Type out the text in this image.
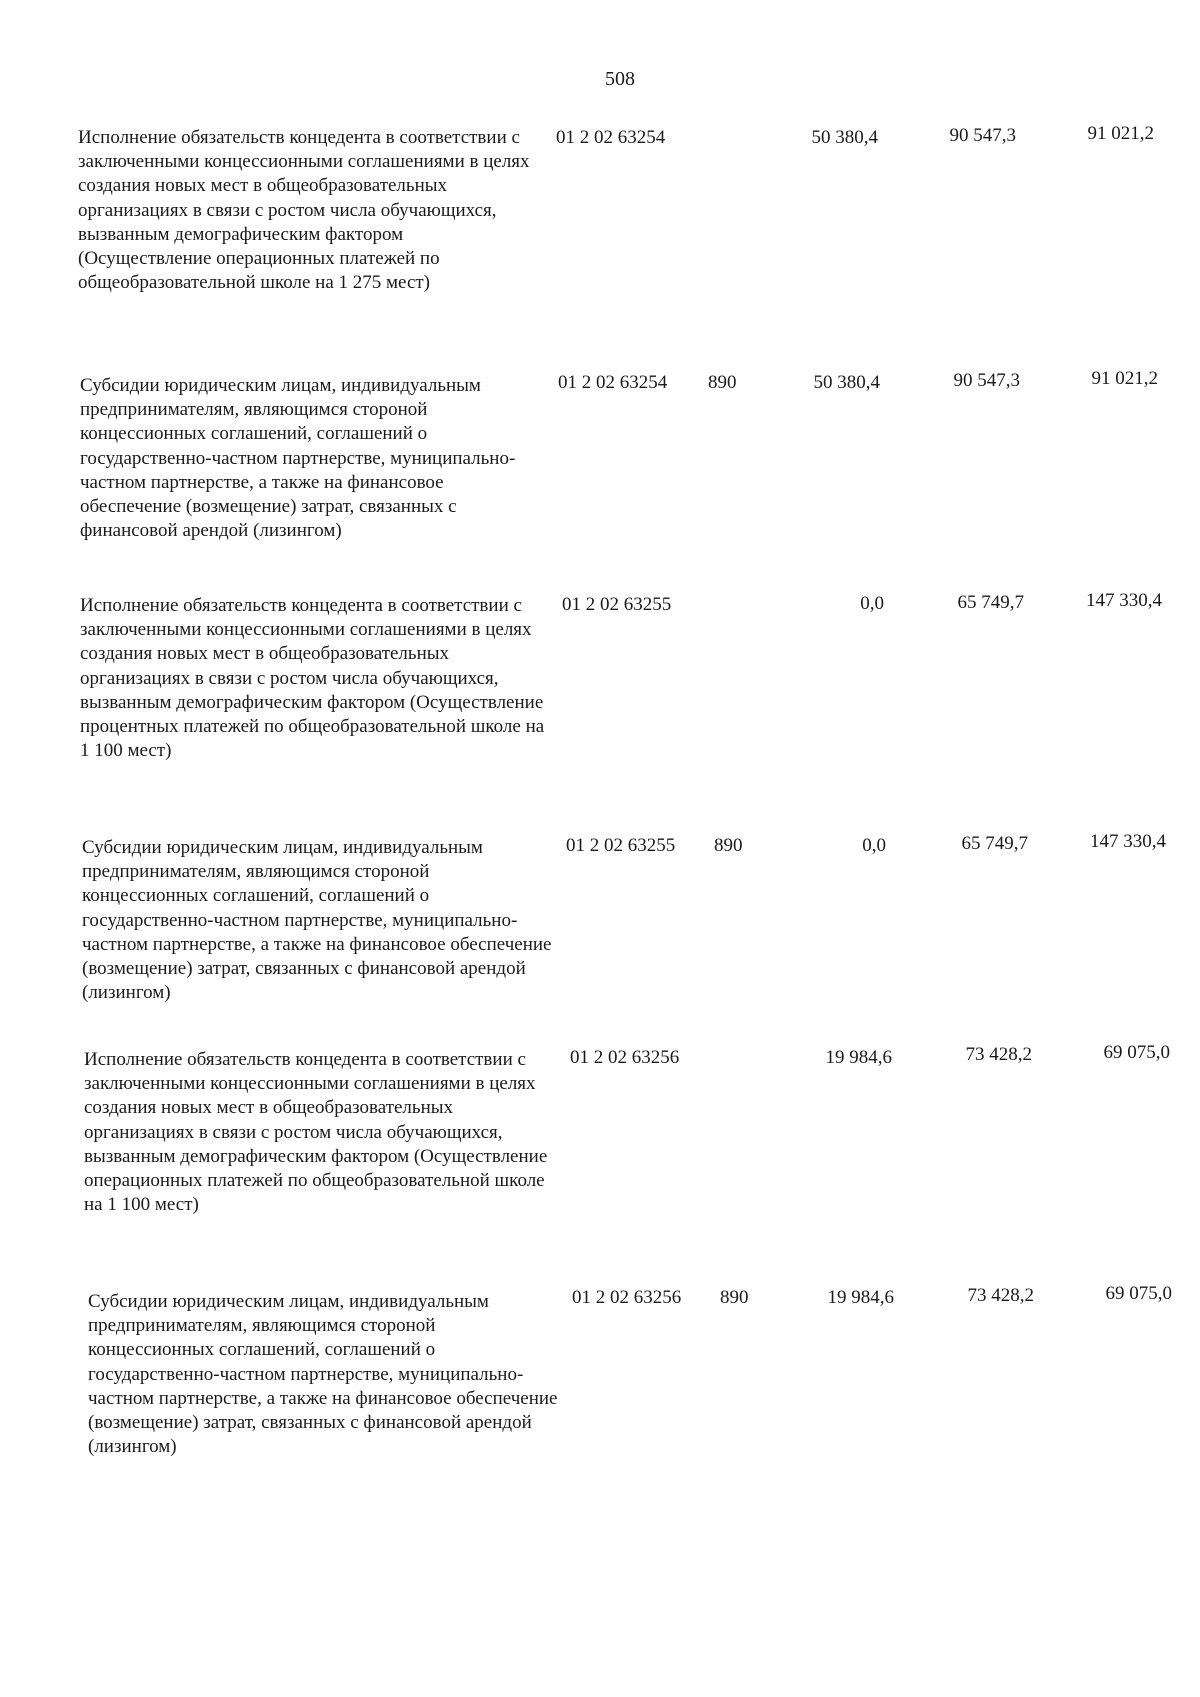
508
Исполнение обязательств концедента в соответствии с заключенными концессионными соглашениями в целях создания новых мест в общеобразовательных организациях в связи с ростом числа обучающихся, вызванным демографическим фактором (Осуществление операционных платежей по общеобразовательной школе на 1 275 мест)
01 2 02 63254	50 380,4	90 547,3	91 021,2
Субсидии юридическим лицам, индивидуальным предпринимателям, являющимся стороной концессионных соглашений, соглашений о государственно-частном партнерстве, муниципально-частном партнерстве, а также на финансовое обеспечение (возмещение) затрат, связанных с финансовой арендой (лизингом)
01 2 02 63254 890	50 380,4	90 547,3	91 021,2
Исполнение обязательств концедента в соответствии с заключенными концессионными соглашениями в целях создания новых мест в общеобразовательных организациях в связи с ростом числа обучающихся, вызванным демографическим фактором (Осуществление процентных платежей по общеобразовательной школе на 1 100 мест)
01 2 02 63255	0,0	65 749,7	147 330,4
Субсидии юридическим лицам, индивидуальным предпринимателям, являющимся стороной концессионных соглашений, соглашений о государственно-частном партнерстве, муниципально-частном партнерстве, а также на финансовое обеспечение (возмещение) затрат, связанных с финансовой арендой (лизингом)
01 2 02 63255 890	0,0	65 749,7	147 330,4
Исполнение обязательств концедента в соответствии с заключенными концессионными соглашениями в целях создания новых мест в общеобразовательных организациях в связи с ростом числа обучающихся, вызванным демографическим фактором (Осуществление операционных платежей по общеобразовательной школе на 1 100 мест)
01 2 02 63256	19 984,6	73 428,2	69 075,0
Субсидии юридическим лицам, индивидуальным предпринимателям, являющимся стороной концессионных соглашений, соглашений о государственно-частном партнерстве, муниципально-частном партнерстве, а также на финансовое обеспечение (возмещение) затрат, связанных с финансовой арендой (лизингом)
01 2 02 63256 890	19 984,6	73 428,2	69 075,0
